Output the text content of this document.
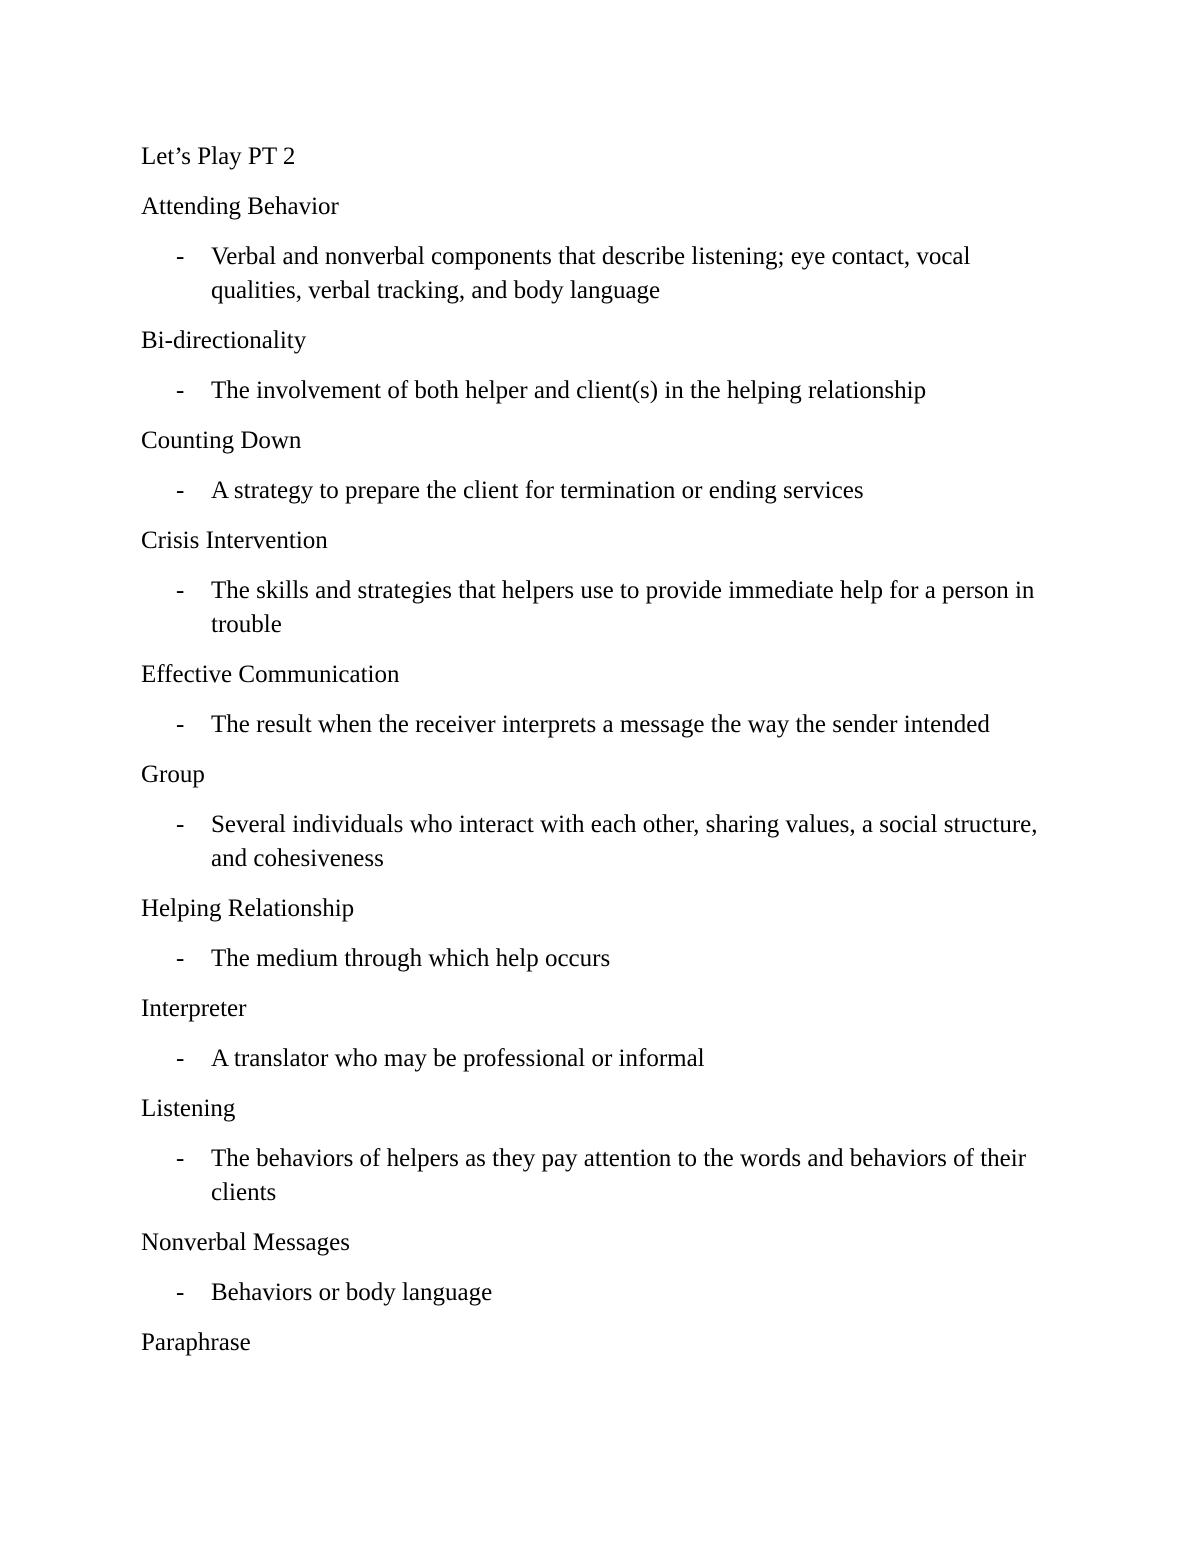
Let’s Play PT 2
Attending Behavior
- Verbal and nonverbal components that describe listening; eye contact, vocal qualities, verbal tracking, and body language
Bi-directionality
- The involvement of both helper and client(s) in the helping relationship
Counting Down
- A strategy to prepare the client for termination or ending services
Crisis Intervention
- The skills and strategies that helpers use to provide immediate help for a person in trouble
Effective Communication
- The result when the receiver interprets a message the way the sender intended
Group
- Several individuals who interact with each other, sharing values, a social structure, and cohesiveness
Helping Relationship
- The medium through which help occurs
Interpreter
- A translator who may be professional or informal
Listening
- The behaviors of helpers as they pay attention to the words and behaviors of their clients
Nonverbal Messages
- Behaviors or body language
Paraphrase
